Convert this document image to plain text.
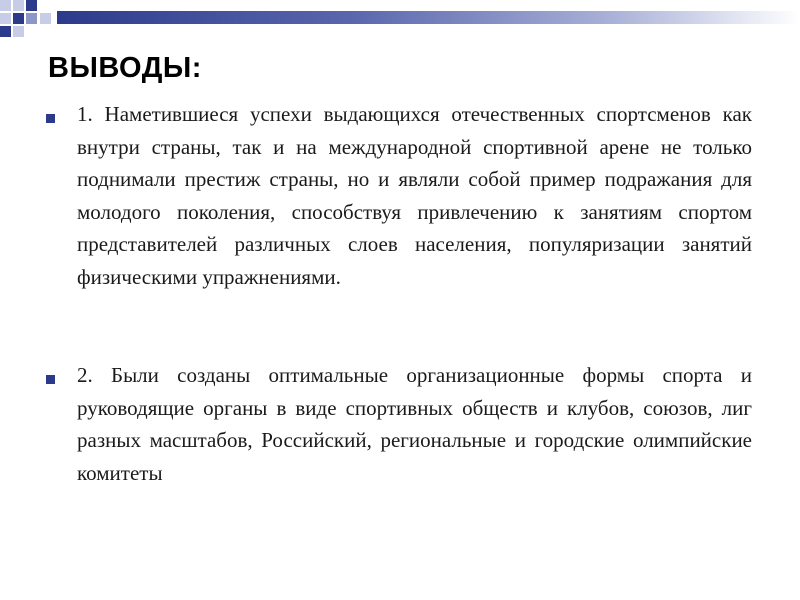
ВЫВОДЫ:
1. Наметившиеся успехи выдающихся отечественных спортсменов как внутри страны, так и на международной спортивной арене не только поднимали престиж страны, но и являли собой пример подражания для молодого поколения, способствуя привлечению к занятиям спортом представителей различных слоев населения, популяризации занятий физическими упражнениями.
2. Были созданы оптимальные организационные формы спорта и руководящие органы в виде спортивных обществ и клубов, союзов, лиг разных масштабов, Российский, региональные и городские олимпийские комитеты
